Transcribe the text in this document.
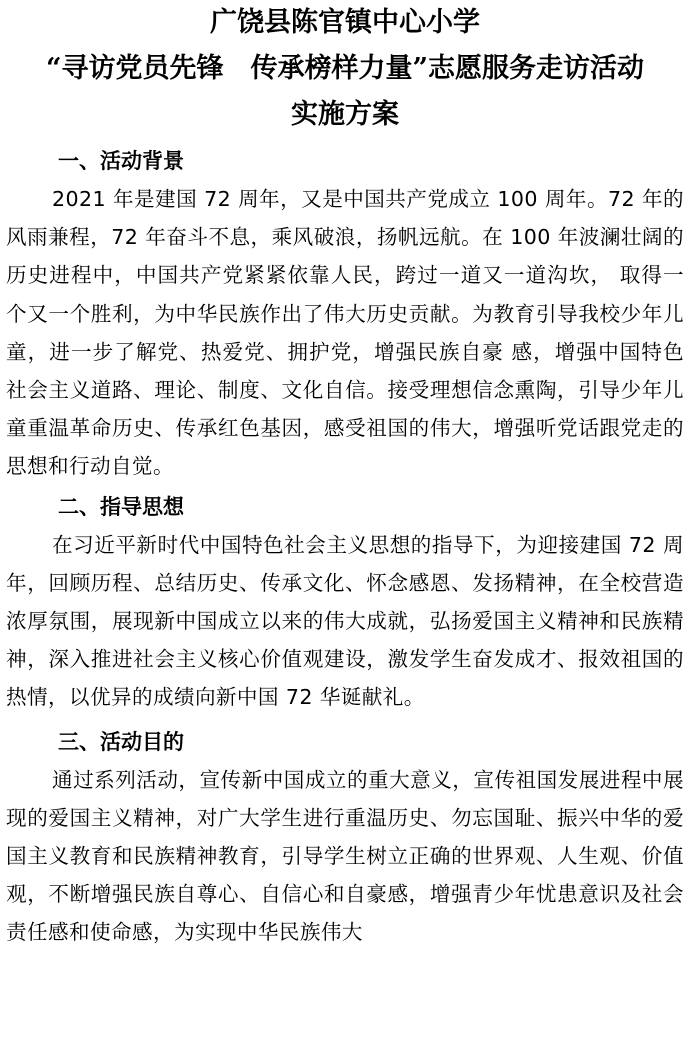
广饶县陈官镇中心小学
“寻访党员先锋　传承榜样力量”志愿服务走访活动
实施方案
一、活动背景

2021 年是建国 72 周年，又是中国共产党成立 100 周年。72 年的风雨兼程，72 年奋斗不息，乘风破浪，扬帆远航。在 100 年波澜壮阔的历史进程中，中国共产党紧紧依靠人民，跨过一道又一道沟坎， 取得一个又一个胜利，为中华民族作出了伟大历史贡献。为教育引导我校少年儿童，进一步了解党、热爱党、拥护党，增强民族自豪 感，增强中国特色社会主义道路、理论、制度、文化自信。接受理想信念熏陶，引导少年儿童重温革命历史、传承红色基因，感受祖国的伟大，增强听党话跟党走的思想和行动自觉。

二、指导思想

在习近平新时代中国特色社会主义思想的指导下，为迎接建国 72 周年，回顾历程、总结历史、传承文化、怀念感恩、发扬精神，在全校营造浓厚氛围，展现新中国成立以来的伟大成就，弘扬爱国主义精神和民族精神，深入推进社会主义核心价值观建设，激发学生奋发成才、报效祖国的热情，以优异的成绩向新中国 72 华诞献礼。

三、活动目的

通过系列活动，宣传新中国成立的重大意义，宣传祖国发展进程中展现的爱国主义精神，对广大学生进行重温历史、勿忘国耻、振兴中华的爱国主义教育和民族精神教育，引导学生树立正确的世界观、人生观、价值观，不断增强民族自尊心、自信心和自豪感，增强青少年忧患意识及社会责任感和使命感，为实现中华民族伟大
